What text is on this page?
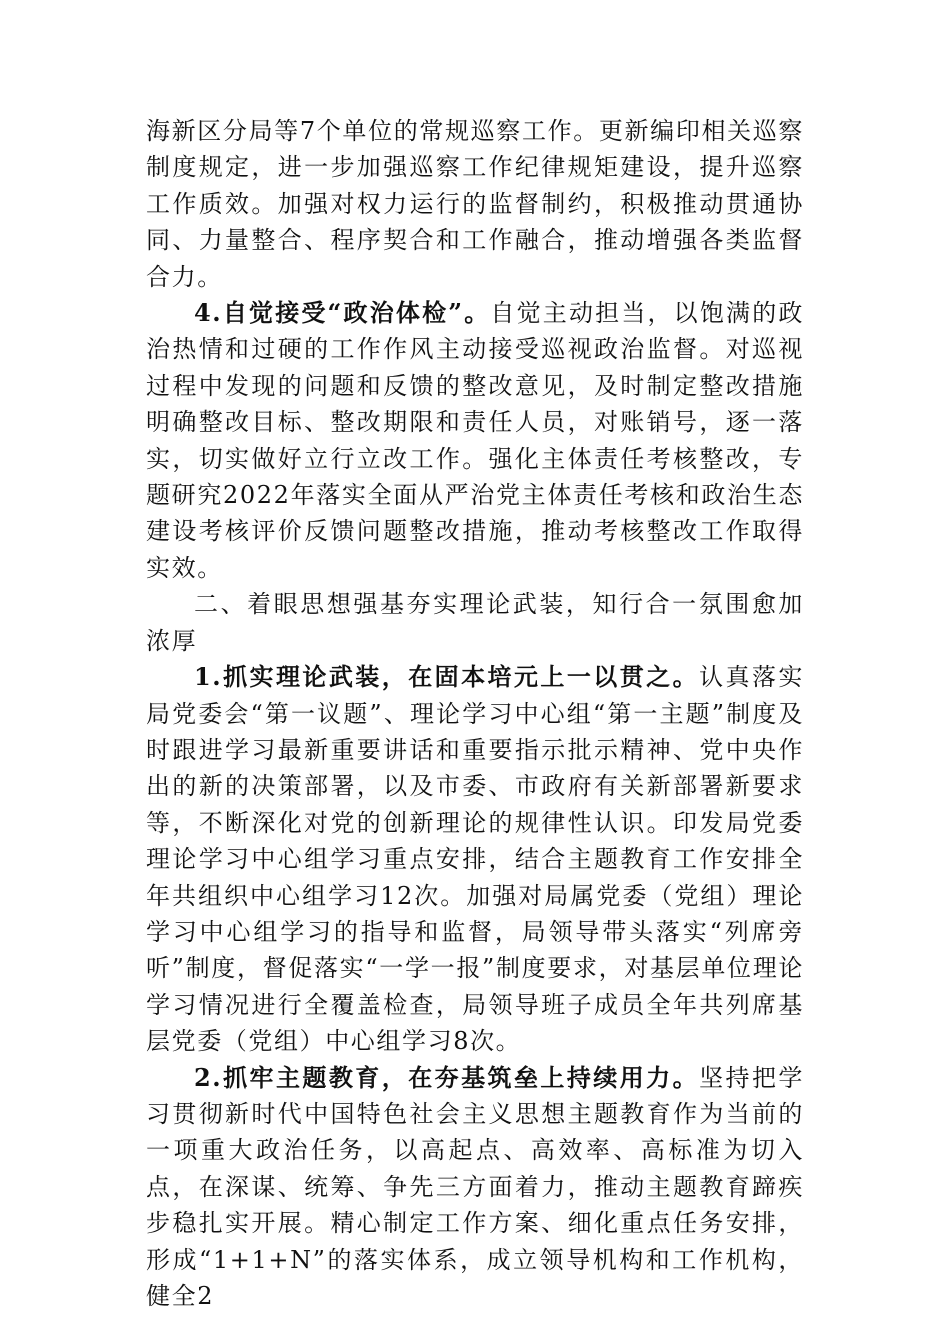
海新区分局等7个单位的常规巡察工作。更新编印相关巡察制度规定，进一步加强巡察工作纪律规矩建设，提升巡察工作质效。加强对权力运行的监督制约，积极推动贯通协同、力量整合、程序契合和工作融合，推动增强各类监督合力。

4.自觉接受“政治体检”。自觉主动担当，以饱满的政治热情和过硬的工作作风主动接受巡视政治监督。对巡视过程中发现的问题和反馈的整改意见，及时制定整改措施明确整改目标、整改期限和责任人员，对账销号，逐一落实，切实做好立行立改工作。强化主体责任考核整改，专题研究2022年落实全面从严治党主体责任考核和政治生态建设考核评价反馈问题整改措施，推动考核整改工作取得实效。

二、着眼思想强基夯实理论武装，知行合一氛围愈加浓厚

1.抓实理论武装，在固本培元上一以贯之。认真落实局党委会“第一议题”、理论学习中心组“第一主题”制度及时跟进学习最新重要讲话和重要指示批示精神、党中央作出的新的决策部署，以及市委、市政府有关新部署新要求等，不断深化对党的创新理论的规律性认识。印发局党委理论学习中心组学习重点安排，结合主题教育工作安排全年共组织中心组学习12次。加强对局属党委（党组）理论学习中心组学习的指导和监督，局领导带头落实“列席旁听”制度，督促落实“一学一报”制度要求，对基层单位理论学习情况进行全覆盖检查，局领导班子成员全年共列席基层党委（党组）中心组学习8次。

2.抓牢主题教育，在夯基筑垒上持续用力。坚持把学习贯彻新时代中国特色社会主义思想主题教育作为当前的一项重大政治任务，以高起点、高效率、高标准为切入点，在深谋、统筹、争先三方面着力，推动主题教育蹄疾步稳扎实开展。精心制定工作方案、细化重点任务安排，形成“1+1+N”的落实体系，成立领导机构和工作机构，健全2
